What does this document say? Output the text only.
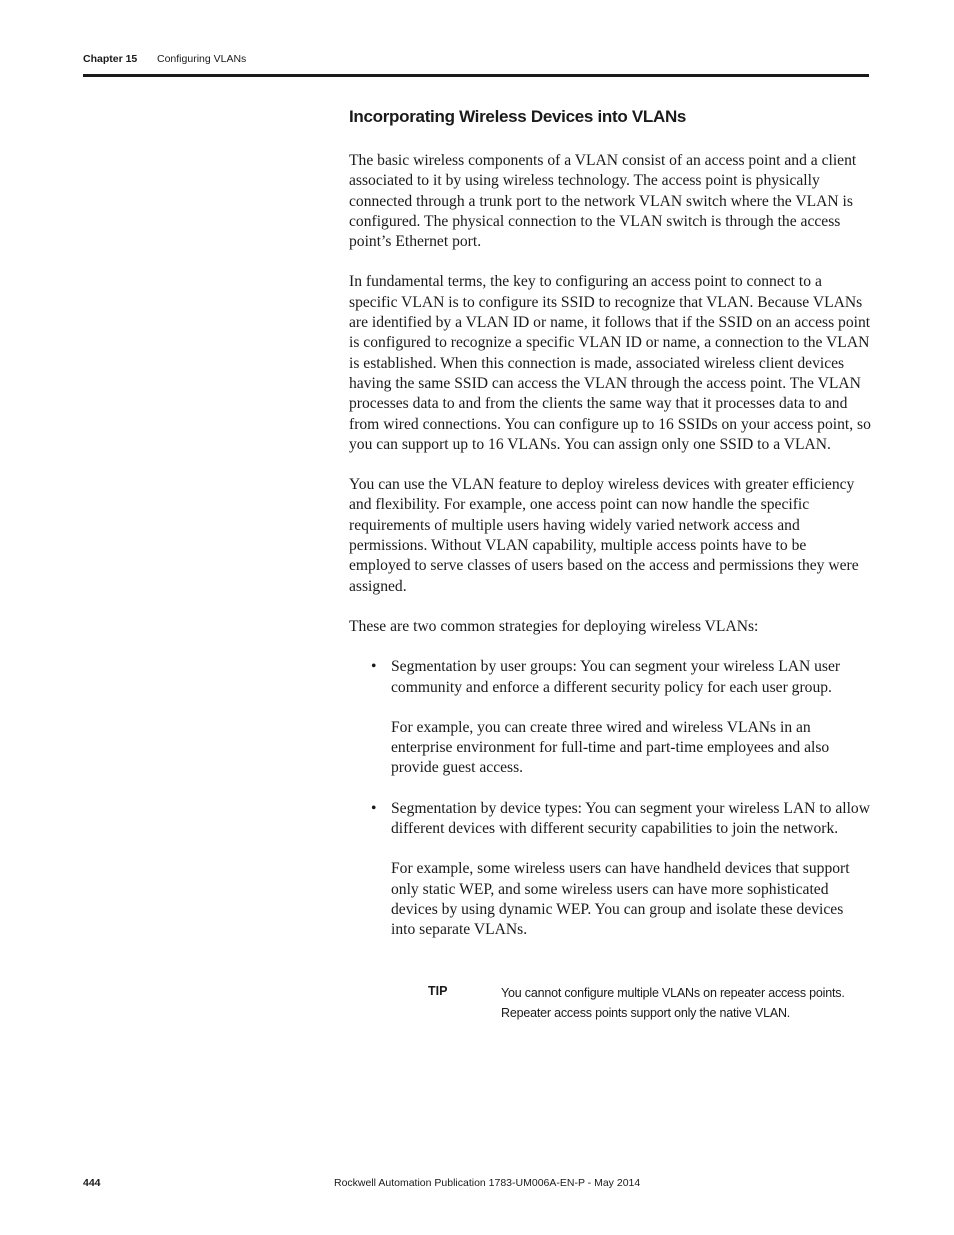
Chapter 15 Configuring VLANs
Incorporating Wireless Devices into VLANs

The basic wireless components of a VLAN consist of an access point and a client associated to it by using wireless technology. The access point is physically connected through a trunk port to the network VLAN switch where the VLAN is configured. The physical connection to the VLAN switch is through the access point’s Ethernet port.

In fundamental terms, the key to configuring an access point to connect to a specific VLAN is to configure its SSID to recognize that VLAN. Because VLANs are identified by a VLAN ID or name, it follows that if the SSID on an access point is configured to recognize a specific VLAN ID or name, a connection to the VLAN is established. When this connection is made, associated wireless client devices having the same SSID can access the VLAN through the access point. The VLAN processes data to and from the clients the same way that it processes data to and from wired connections. You can configure up to 16 SSIDs on your access point, so you can support up to 16 VLANs. You can assign only one SSID to a VLAN.

You can use the VLAN feature to deploy wireless devices with greater efficiency and flexibility. For example, one access point can now handle the specific requirements of multiple users having widely varied network access and permissions. Without VLAN capability, multiple access points have to be employed to serve classes of users based on the access and permissions they were assigned.

These are two common strategies for deploying wireless VLANs:

• Segmentation by user groups: You can segment your wireless LAN user community and enforce a different security policy for each user group.

For example, you can create three wired and wireless VLANs in an enterprise environment for full-time and part-time employees and also provide guest access.

• Segmentation by device types: You can segment your wireless LAN to allow different devices with different security capabilities to join the network.

For example, some wireless users can have handheld devices that support only static WEP, and some wireless users can have more sophisticated devices by using dynamic WEP. You can group and isolate these devices into separate VLANs.

TIP	You cannot configure multiple VLANs on repeater access points. Repeater access points support only the native VLAN.
444	Rockwell Automation Publication 1783-UM006A-EN-P - May 2014
